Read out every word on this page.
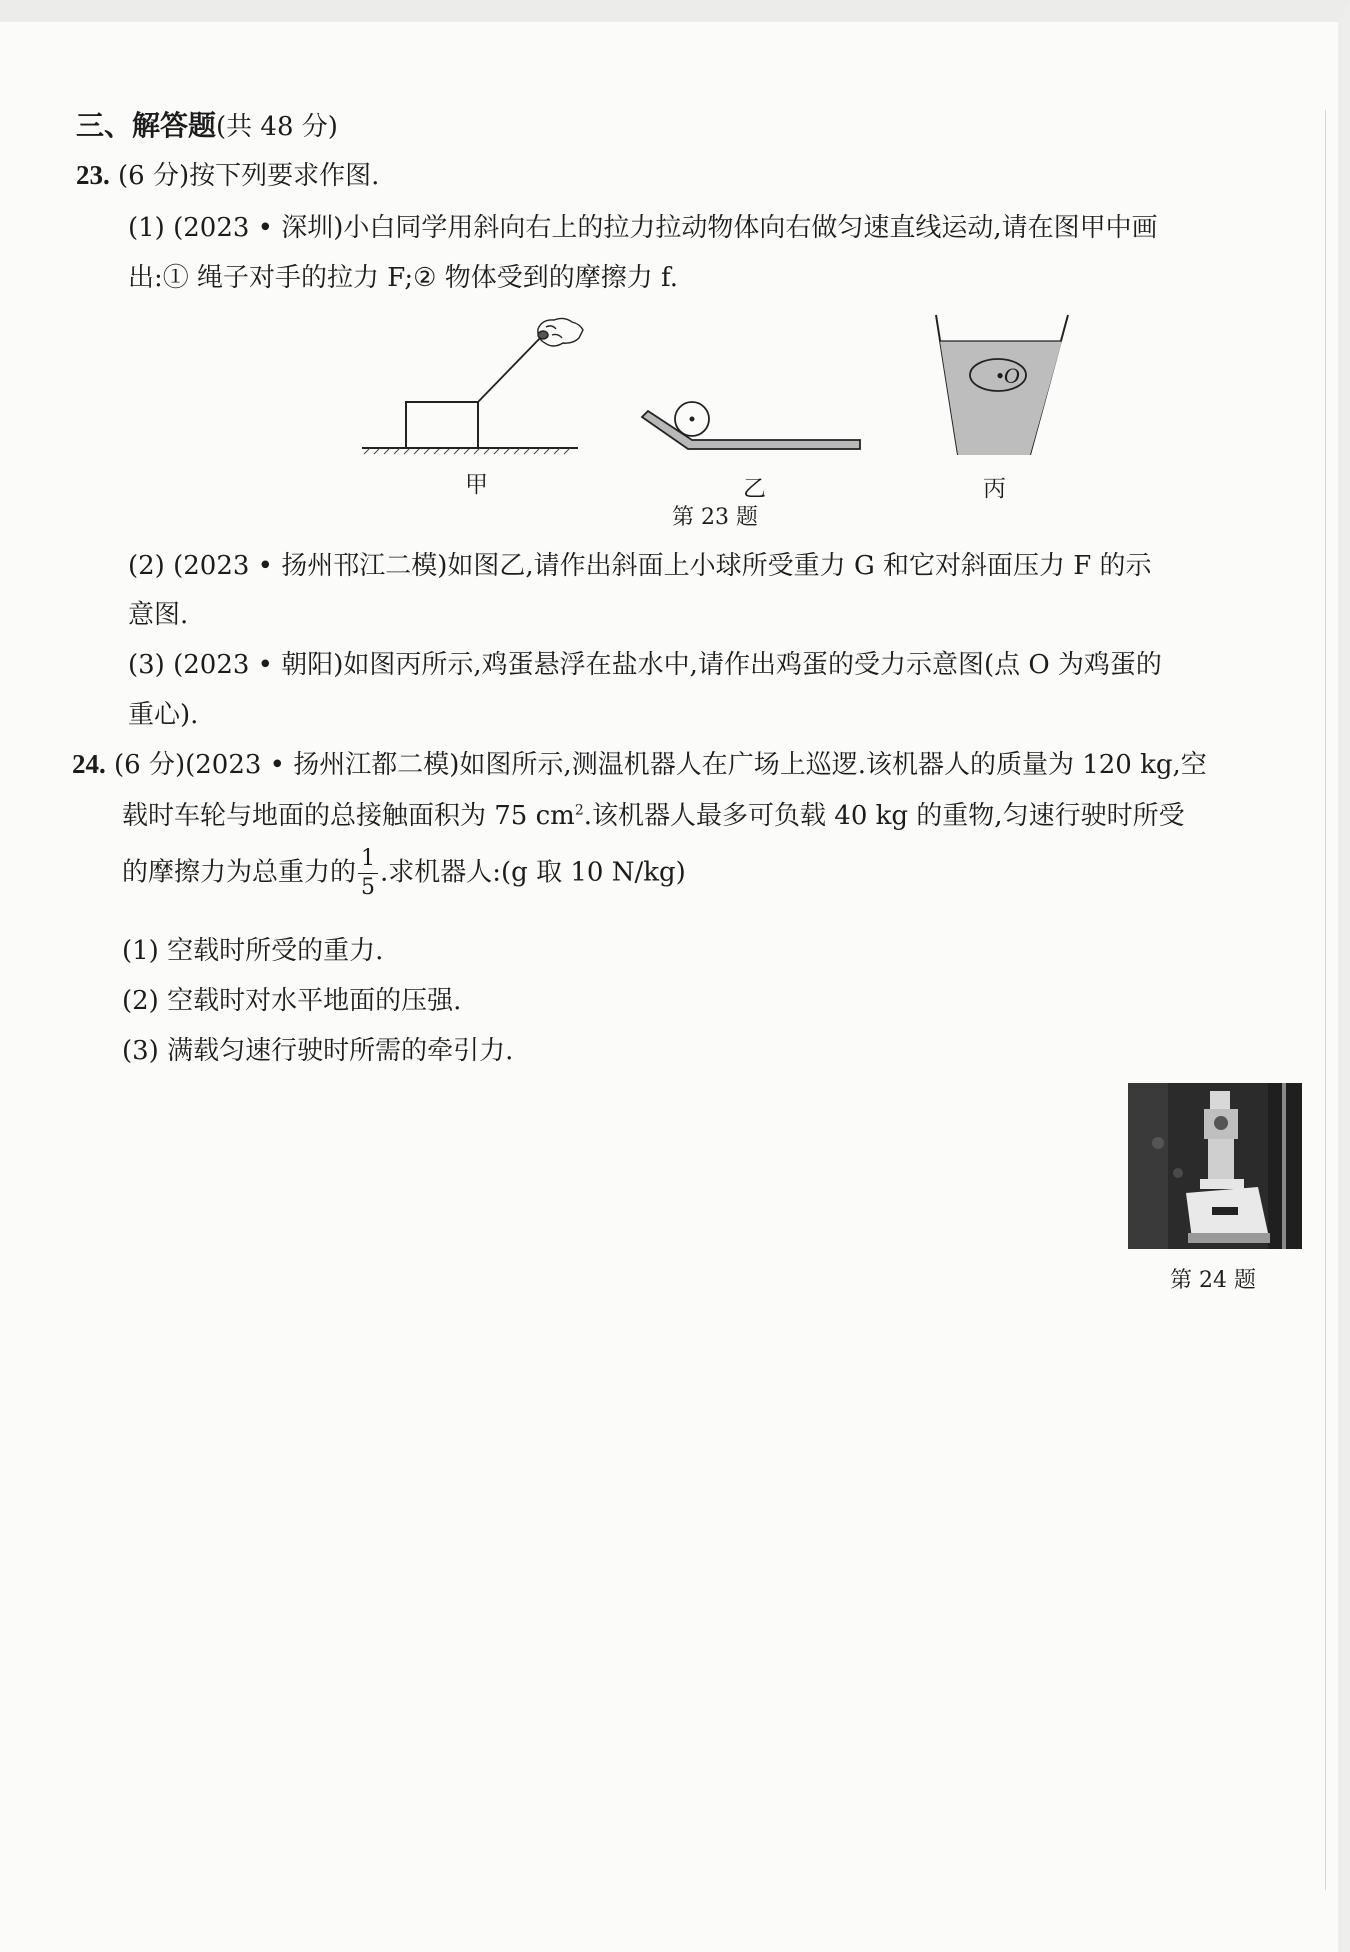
三、解答题(共 48 分)
23. (6 分)按下列要求作图.
(1) (2023 • 深圳)小白同学用斜向右上的拉力拉动物体向右做匀速直线运动,请在图甲中画
出:① 绳子对手的拉力 F;② 物体受到的摩擦力 f.
•O
甲	乙	丙
第 23 题
(2) (2023 • 扬州邗江二模)如图乙,请作出斜面上小球所受重力 G 和它对斜面压力 F 的示
意图.
(3) (2023 • 朝阳)如图丙所示,鸡蛋悬浮在盐水中,请作出鸡蛋的受力示意图(点 O 为鸡蛋的
重心).
24. (6 分)(2023 • 扬州江都二模)如图所示,测温机器人在广场上巡逻.该机器人的质量为 120 kg,空
载时车轮与地面的总接触面积为 75 $cm^2$.该机器人最多可负载 40 kg 的重物,匀速行驶时所受
的摩擦力为总重力的 $\frac{1}{5}$ .求机器人:(g 取 10 N/kg)
(1) 空载时所受的重力.
(2) 空载时对水平地面的压强.
(3) 满载匀速行驶时所需的牵引力.
第 24 题
